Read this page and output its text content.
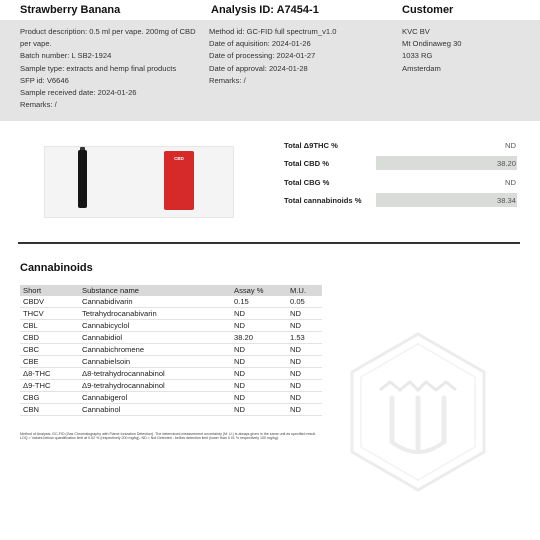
Strawberry Banana	Analysis ID: A7454-1	Customer
Product description: 0.5 ml per vape. 200mg of CBD
per vape.
Batch number: L SB2-1924
Sample type: extracts and hemp final products
SFP id: V6646
Sample received date: 2024-01-26
Remarks: /
Method id: GC-FID full spectrum_v1.0
Date of aquisition: 2024-01-26
Date of processing: 2024-01-27
Date of approval: 2024-01-28
Remarks: /
KVC BV
Mt Ondinaweg 30
1033 RG
Amsterdam
CBD
Total Δ9THC %	ND
Total CBD %	38.20
Total CBG %	ND
Total cannabinoids %	38.34
Cannabinoids
Short	Substance name	Assay %	M.U.
CBDV	Cannabidivarin	0.15	0.05
THCV	Tetrahydrocanabivarin	ND	ND
CBL	Cannabicyclol	ND	ND
CBD	Cannabidiol	38.20	1.53
CBC	Cannabichromene	ND	ND
CBE	Cannabielsoin	ND	ND
Δ8-THC	Δ8-tetrahydrocannabinol	ND	ND
Δ9-THC	Δ9-tetrahydrocannabinol	ND	ND
CBG	Cannabigerol	ND	ND
CBN	Cannabinol	ND	ND
Method of Analysis: GC-FID (Gas Chromatography with Flame Ionization Detection). The determined measurement uncertainty (M. U.) is always given in the same unit as specified result. LOQ = Values bellow quantification limit at 0.02 % (respectively 200 mg/kg). ND = Not Detected - bellow detection limit (lower than 0.01 % respectively 100 mg/kg).
